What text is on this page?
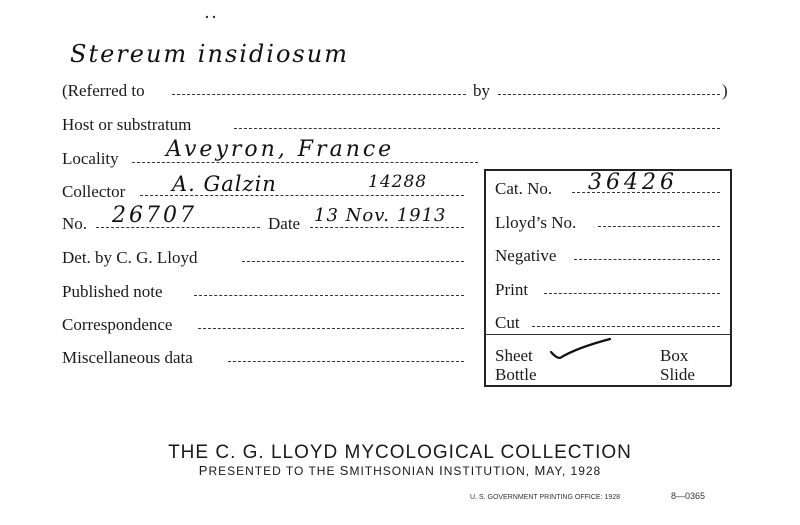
Stereum insidiosum
(Referred to	by	)
Host or substratum
Locality Aveyron, France
Collector A. Galzin	14288
No. 26707	Date 13 Nov. 1913
Det. by C. G. Lloyd
Published note
Correspondence
Miscellaneous data
Cat. No. 36426
Lloyd’s No.
Negative
Print
Cut
Sheet	Box
Bottle	Slide
THE C. G. LLOYD MYCOLOGICAL COLLECTION
PRESENTED TO THE SMITHSONIAN INSTITUTION, MAY, 1928
U. S. GOVERNMENT PRINTING OFFICE: 1928	8—0365
